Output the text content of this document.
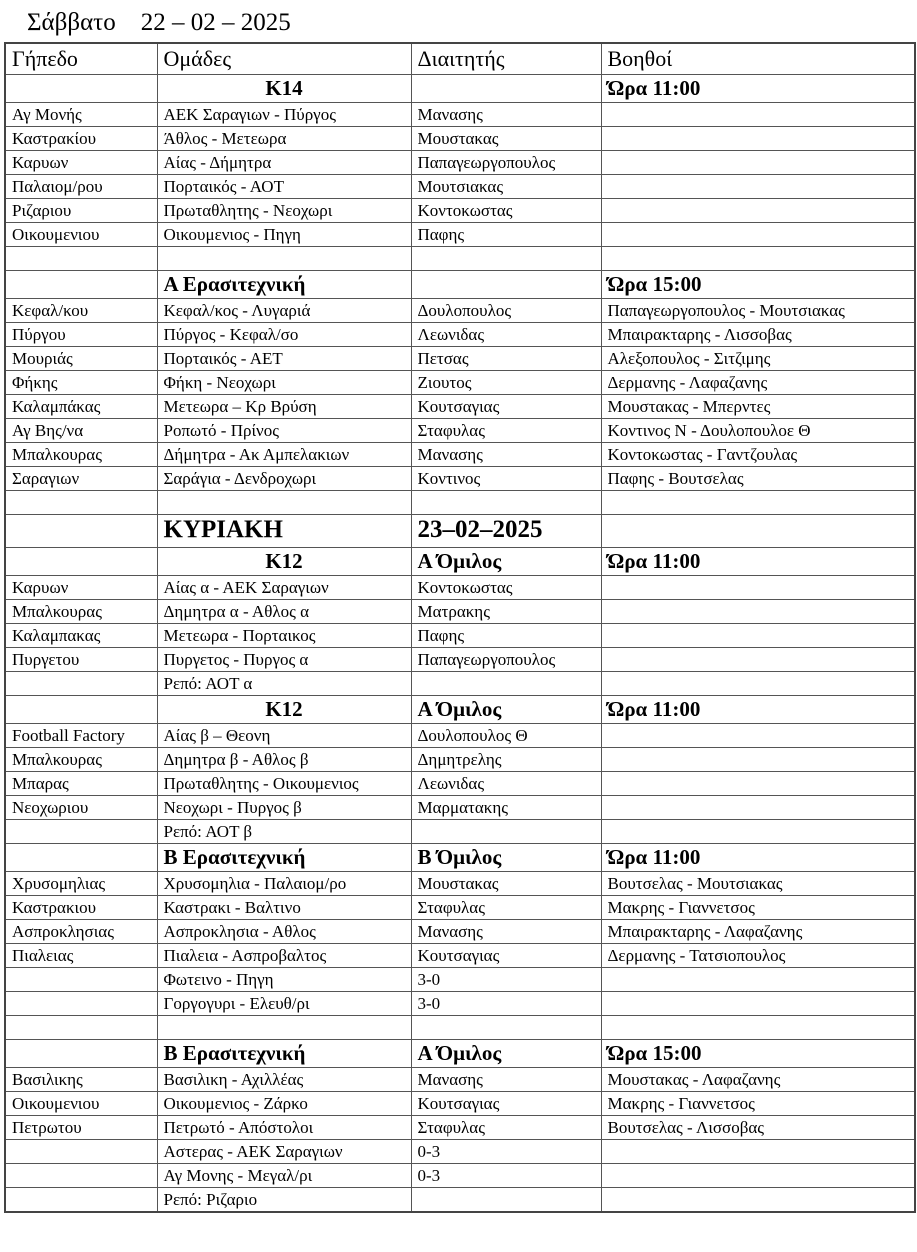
Σάββατο    22 – 02 – 2025
Γήπεδο	Ομάδες	Διαιτητής	Βοηθοί
	K14		Ώρα 11:00
Αγ Μονής	ΑΕΚ Σαραγιων - Πύργος	Μανασης	
Καστρακίου	Άθλος - Μετεωρα	Μουστακας	
Καρυων	Αίας - Δήμητρα	Παπαγεωργοπουλος	
Παλαιομ/ρου	Πορταικός - ΑΟΤ	Μουτσιακας	
Ριζαριου	Πρωταθλητης - Νεοχωρι	Κοντοκωστας	
Οικουμενιου	Οικουμενιος - Πηγη	Παφης	

	Α Ερασιτεχνική		Ώρα 15:00
Κεφαλ/κου	Κεφαλ/κος - Λυγαριά	Δουλοπουλος	Παπαγεωργοπουλος - Μουτσιακας
Πύργου	Πύργος - Κεφαλ/σο	Λεωνιδας	Μπαιρακταρης - Λισσοβας
Μουριάς	Πορταικός - ΑΕΤ	Πετσας	Αλεξοπουλος - Σιτζιμης
Φήκης	Φήκη - Νεοχωρι	Ζιουτος	Δερμανης - Λαφαζανης
Καλαμπάκας	Μετεωρα – Κρ Βρύση	Κουτσαγιας	Μουστακας - Μπερντες
Αγ Βης/να	Ροπωτό - Πρίνος	Σταφυλας	Κοντινος Ν - Δουλοπουλοε Θ
Μπαλκουρας	Δήμητρα - Ακ Αμπελακιων	Μανασης	Κοντοκωστας - Γαντζουλας
Σαραγιων	Σαράγια - Δενδροχωρι	Κοντινος	Παφης - Βουτσελας

	ΚΥΡΙΑΚΗ	23–02–2025	
	K12	Α Όμιλος	Ώρα 11:00
Καρυων	Αίας α - ΑΕΚ Σαραγιων	Κοντοκωστας	
Μπαλκουρας	Δημητρα α - Αθλος α	Ματρακης	
Καλαμπακας	Μετεωρα - Πορταικος	Παφης	
Πυργετου	Πυργετος - Πυργος α	Παπαγεωργοπουλος	
	Ρεπό: ΑΟΤ α		
	K12	Α Όμιλος	Ώρα 11:00
Football Factory	Αίας β – Θεονη	Δουλοπουλος Θ	
Μπαλκουρας	Δημητρα β - Αθλος β	Δημητρελης	
Μπαρας	Πρωταθλητης - Οικουμενιος	Λεωνιδας	
Νεοχωριου	Νεοχωρι - Πυργος β	Μαρματακης	
	Ρεπό: ΑΟΤ β		
	Β Ερασιτεχνική	Β Όμιλος	Ώρα 11:00
Χρυσομηλιας	Χρυσομηλια - Παλαιομ/ρο	Μουστακας	Βουτσελας - Μουτσιακας
Καστρακιου	Καστρακι - Βαλτινο	Σταφυλας	Μακρης - Γιαννετσος
Ασπροκλησιας	Ασπροκλησια - Αθλος	Μανασης	Μπαιρακταρης - Λαφαζανης
Πιαλειας	Πιαλεια - Ασπροβαλτος	Κουτσαγιας	Δερμανης - Τατσιοπουλος
	Φωτεινο - Πηγη	3-0	
	Γοργογυρι - Ελευθ/ρι	3-0	

	Β Ερασιτεχνική	Α Όμιλος	Ώρα 15:00
Βασιλικης	Βασιλικη - Αχιλλέας	Μανασης	Μουστακας - Λαφαζανης
Οικουμενιου	Οικουμενιος - Ζάρκο	Κουτσαγιας	Μακρης - Γιαννετσος
Πετρωτου	Πετρωτό - Απόστολοι	Σταφυλας	Βουτσελας - Λισσοβας
	Αστερας - ΑΕΚ Σαραγιων	0-3	
	Αγ Μονης - Μεγαλ/ρι	0-3	
	Ρεπό: Ριζαριο		
